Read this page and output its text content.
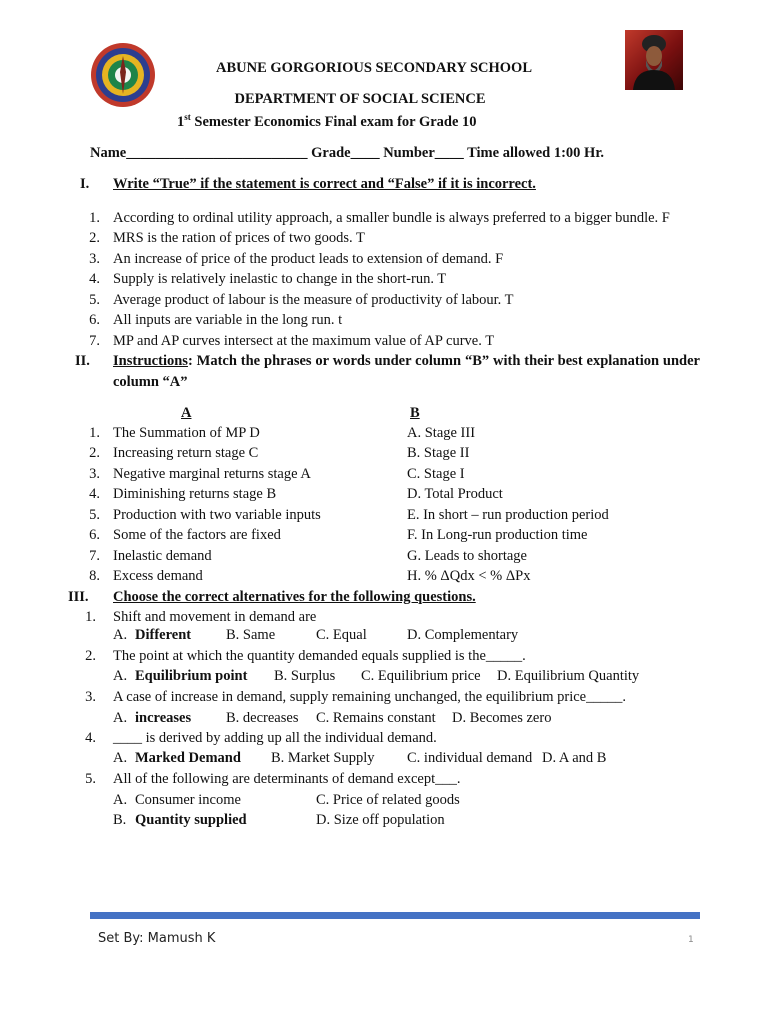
ABUNE GORGORIOUS SECONDARY SCHOOL
DEPARTMENT OF SOCIAL SCIENCE
1st Semester Economics Final exam for Grade 10
Name_________________________ Grade____ Number____ Time allowed 1:00 Hr.
I. Write “True” if the statement is correct and “False” if it is incorrect.
1. According to ordinal utility approach, a smaller bundle is always preferred to a bigger bundle. F
2. MRS is the ration of prices of two goods. T
3. An increase of price of the product leads to extension of demand. F
4. Supply is relatively inelastic to change in the short-run. T
5. Average product of labour is the measure of productivity of labour. T
6. All inputs are variable in the long run. t
7. MP and AP curves intersect at the maximum value of AP curve. T
II. Instructions: Match the phrases or words under column “B” with their best explanation under column “A”
A	B
1. The Summation of MP D	A. Stage III
2. Increasing return stage C	B. Stage II
3. Negative marginal returns stage A	C. Stage I
4. Diminishing returns stage B	D. Total Product
5. Production with two variable inputs	E. In short – run production period
6. Some of the factors are fixed	F. In Long-run production time
7. Inelastic demand	G. Leads to shortage
8. Excess demand	H. % ΔQdx < % ΔPx
III. Choose the correct alternatives for the following questions.
1. Shift and movement in demand are
A. Different B. Same	C. Equal	D. Complementary
2. The point at which the quantity demanded equals supplied is the_____.
A. Equilibrium point B. Surplus C. Equilibrium price D. Equilibrium Quantity
3. A case of increase in demand, supply remaining unchanged, the equilibrium price_____.
A. increases B. decreases C. Remains constant D. Becomes zero
4. ____ is derived by adding up all the individual demand.
A. Marked Demand B. Market Supply C. individual demand D. A and B
5. All of the following are determinants of demand except___.
A. Consumer income	C. Price of related goods
B. Quantity supplied	D. Size off population
Set By: Mamush K	1
